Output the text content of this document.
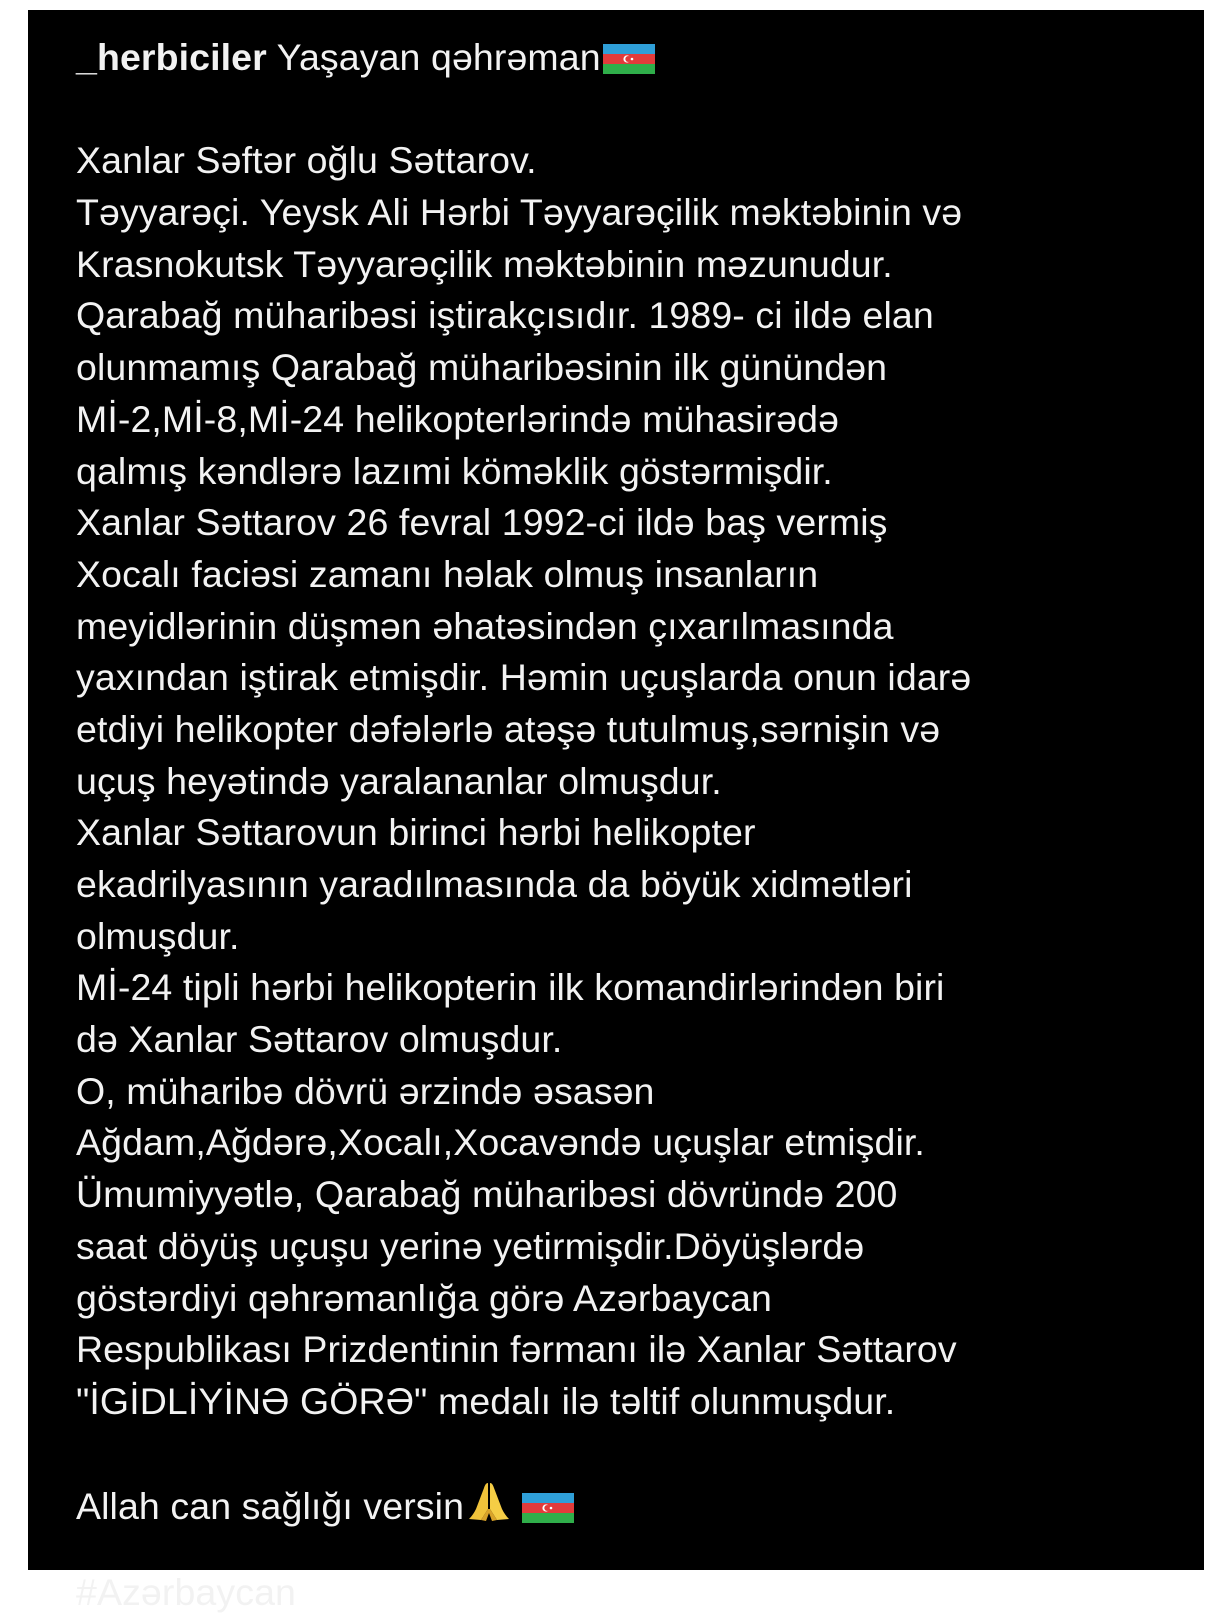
_herbiciler Yaşayan qəhrəman
Xanlar Səftər oğlu Səttarov.
Təyyarəçi. Yeysk Ali Hərbi Təyyarəçilik məktəbinin və
Krasnokutsk Təyyarəçilik məktəbinin məzunudur.
Qarabağ müharibəsi iştirakçısıdır. 1989- ci ildə elan
olunmamış Qarabağ müharibəsinin ilk günündən
Mİ-2,Mİ-8,Mİ-24 helikopterlərində mühasirədə
qalmış kəndlərə lazımi köməklik göstərmişdir.
Xanlar Səttarov 26 fevral 1992-ci ildə baş vermiş
Xocalı faciəsi zamanı həlak olmuş insanların
meyidlərinin düşmən əhatəsindən çıxarılmasında
yaxından iştirak etmişdir. Həmin uçuşlarda onun idarə
etdiyi helikopter dəfələrlə atəşə tutulmuş,sərnişin və
uçuş heyətində yaralananlar olmuşdur.
Xanlar Səttarovun birinci hərbi helikopter
ekadrilyasının yaradılmasında da böyük xidmətləri
olmuşdur.
Mİ-24 tipli hərbi helikopterin ilk komandirlərindən biri
də Xanlar Səttarov olmuşdur.
O, müharibə dövrü ərzində əsasən
Ağdam,Ağdərə,Xocalı,Xocavəndə uçuşlar etmişdir.
Ümumiyyətlə, Qarabağ müharibəsi dövründə 200
saat döyüş uçuşu yerinə yetirmişdir.Döyüşlərdə
göstərdiyi qəhrəmanlığa görə Azərbaycan
Respublikası Prizdentinin fərmanı ilə Xanlar Səttarov
"İGİDLİYİNƏ GÖRƏ" medalı ilə təltif olunmuşdur.
Allah can sağlığı versin
#Azərbaycan
